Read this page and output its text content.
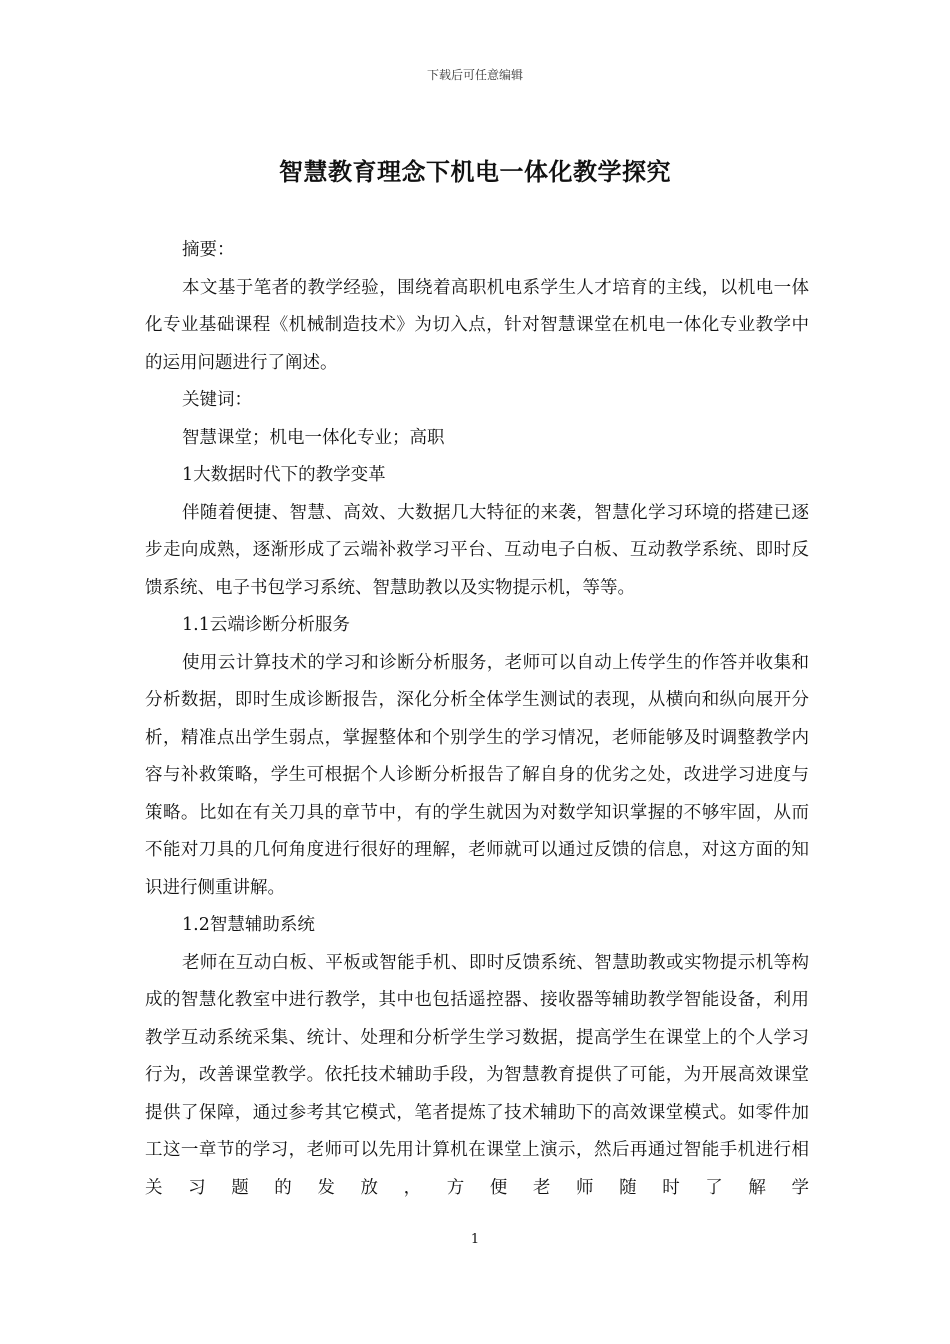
下载后可任意编辑
智慧教育理念下机电一体化教学探究

摘要：

本文基于笔者的教学经验，围绕着高职机电系学生人才培育的主线，以机电一体化专业基础课程《机械制造技术》为切入点，针对智慧课堂在机电一体化专业教学中的运用问题进行了阐述。

关键词：

智慧课堂；机电一体化专业；高职

1大数据时代下的教学变革

伴随着便捷、智慧、高效、大数据几大特征的来袭，智慧化学习环境的搭建已逐步走向成熟，逐渐形成了云端补救学习平台、互动电子白板、互动教学系统、即时反馈系统、电子书包学习系统、智慧助教以及实物提示机，等等。

1.1云端诊断分析服务

使用云计算技术的学习和诊断分析服务，老师可以自动上传学生的作答并收集和分析数据，即时生成诊断报告，深化分析全体学生测试的表现，从横向和纵向展开分析，精准点出学生弱点，掌握整体和个别学生的学习情况，老师能够及时调整教学内容与补救策略，学生可根据个人诊断分析报告了解自身的优劣之处，改进学习进度与策略。比如在有关刀具的章节中，有的学生就因为对数学知识掌握的不够牢固，从而不能对刀具的几何角度进行很好的理解，老师就可以通过反馈的信息，对这方面的知识进行侧重讲解。

1.2智慧辅助系统

老师在互动白板、平板或智能手机、即时反馈系统、智慧助教或实物提示机等构成的智慧化教室中进行教学，其中也包括遥控器、接收器等辅助教学智能设备，利用教学互动系统采集、统计、处理和分析学生学习数据，提高学生在课堂上的个人学习行为，改善课堂教学。依托技术辅助手段，为智慧教育提供了可能，为开展高效课堂提供了保障，通过参考其它模式，笔者提炼了技术辅助下的高效课堂模式。如零件加工这一章节的学习，老师可以先用计算机在课堂上演示，然后再通过智能手机进行相关习题的发放，方便老师随时了解学

1
